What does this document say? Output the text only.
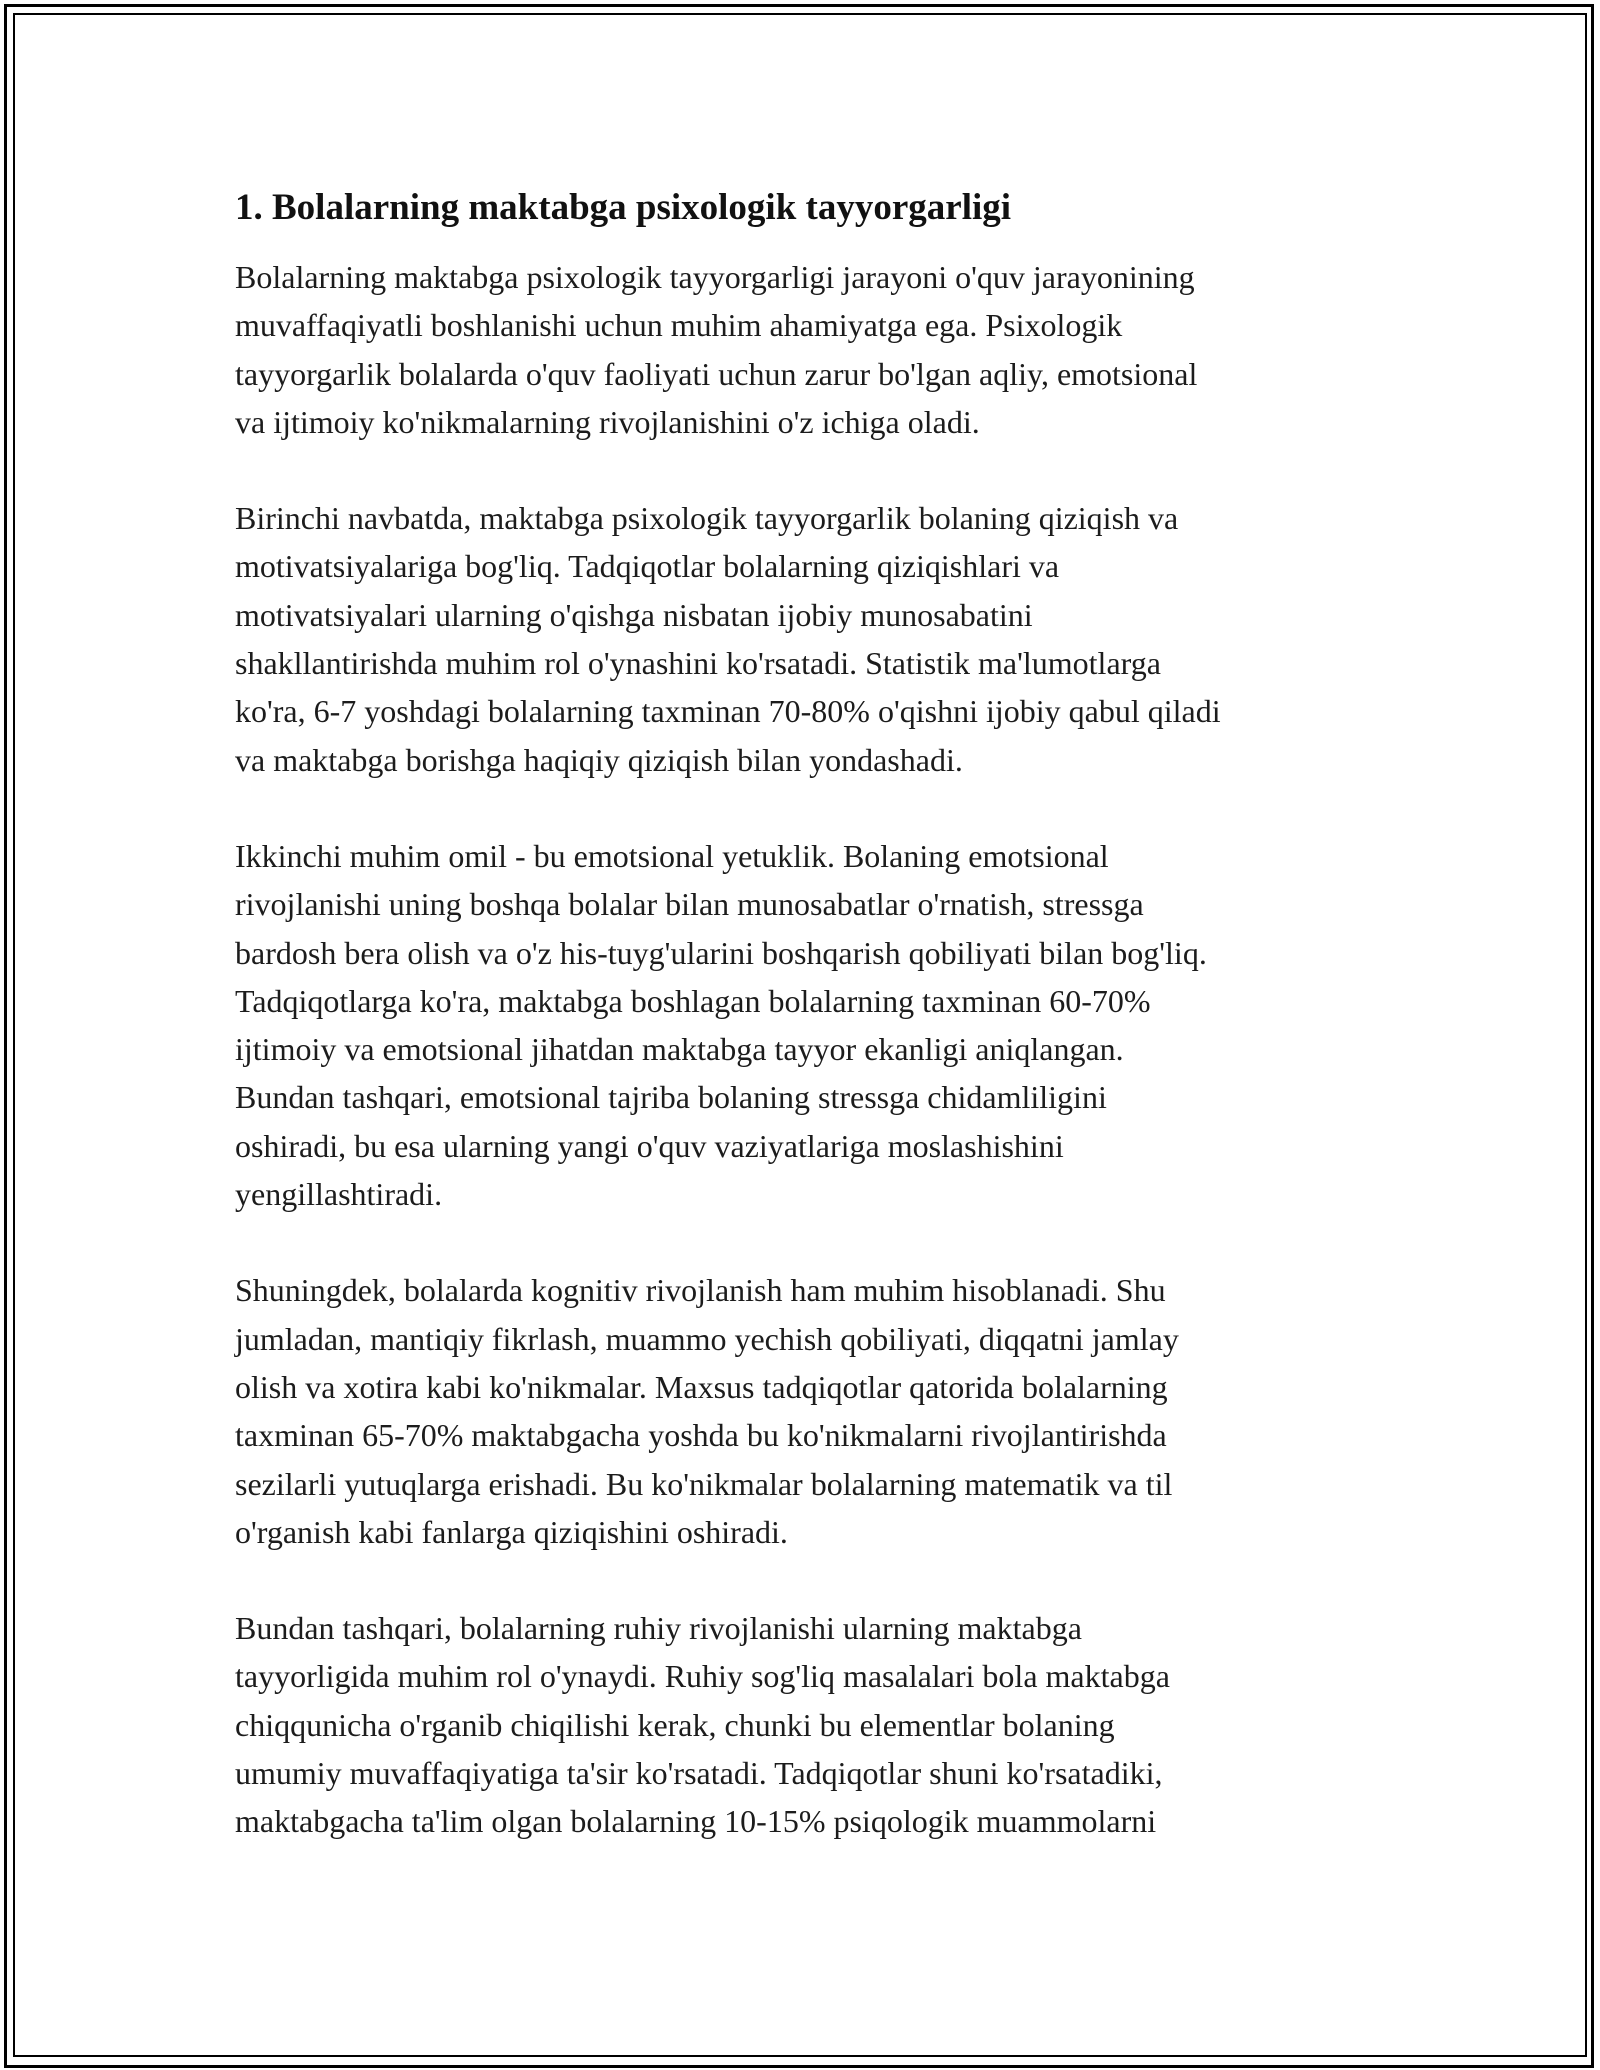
1. Bolalarning maktabga psixologik tayyorgarligi

Bolalarning maktabga psixologik tayyorgarligi jarayoni o'quv jarayonining
muvaffaqiyatli boshlanishi uchun muhim ahamiyatga ega. Psixologik
tayyorgarlik bolalarda o'quv faoliyati uchun zarur bo'lgan aqliy, emotsional
va ijtimoiy ko'nikmalarning rivojlanishini o'z ichiga oladi.

Birinchi navbatda, maktabga psixologik tayyorgarlik bolaning qiziqish va
motivatsiyalariga bog'liq. Tadqiqotlar bolalarning qiziqishlari va
motivatsiyalari ularning o'qishga nisbatan ijobiy munosabatini
shakllantirishda muhim rol o'ynashini ko'rsatadi. Statistik ma'lumotlarga
ko'ra, 6-7 yoshdagi bolalarning taxminan 70-80% o'qishni ijobiy qabul qiladi
va maktabga borishga haqiqiy qiziqish bilan yondashadi.

Ikkinchi muhim omil - bu emotsional yetuklik. Bolaning emotsional
rivojlanishi uning boshqa bolalar bilan munosabatlar o'rnatish, stressga
bardosh bera olish va o'z his-tuyg'ularini boshqarish qobiliyati bilan bog'liq.
Tadqiqotlarga ko'ra, maktabga boshlagan bolalarning taxminan 60-70%
ijtimoiy va emotsional jihatdan maktabga tayyor ekanligi aniqlangan.
Bundan tashqari, emotsional tajriba bolaning stressga chidamliligini
oshiradi, bu esa ularning yangi o'quv vaziyatlariga moslashishini
yengillashtiradi.

Shuningdek, bolalarda kognitiv rivojlanish ham muhim hisoblanadi. Shu
jumladan, mantiqiy fikrlash, muammo yechish qobiliyati, diqqatni jamlay
olish va xotira kabi ko'nikmalar. Maxsus tadqiqotlar qatorida bolalarning
taxminan 65-70% maktabgacha yoshda bu ko'nikmalarni rivojlantirishda
sezilarli yutuqlarga erishadi. Bu ko'nikmalar bolalarning matematik va til
o'rganish kabi fanlarga qiziqishini oshiradi.

Bundan tashqari, bolalarning ruhiy rivojlanishi ularning maktabga
tayyorligida muhim rol o'ynaydi. Ruhiy sog'liq masalalari bola maktabga
chiqqunicha o'rganib chiqilishi kerak, chunki bu elementlar bolaning
umumiy muvaffaqiyatiga ta'sir ko'rsatadi. Tadqiqotlar shuni ko'rsatadiki,
maktabgacha ta'lim olgan bolalarning 10-15% psiqologik muammolarni
